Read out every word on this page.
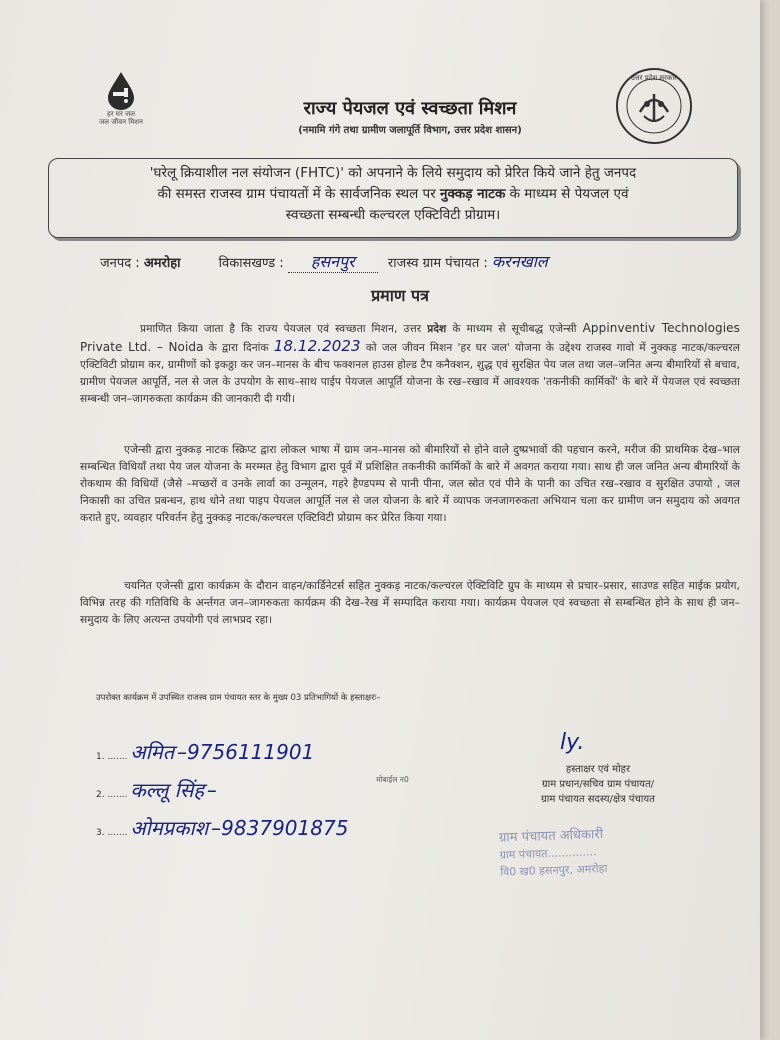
हर घर जल
जल जीवन मिशन
उत्तर प्रदेश सरकार
राज्य पेयजल एवं स्वच्छता मिशन
(नमामि गंगे तथा ग्रामीण जलापूर्ति विभाग, उत्तर प्रदेश शासन)
'घरेलू क्रियाशील नल संयोजन (FHTC)' को अपनाने के लिये समुदाय को प्रेरित किये जाने हेतु जनपद
की समस्त राजस्व ग्राम पंचायतों में के सार्वजनिक स्थल पर नुक्कड़ नाटक के माध्यम से पेयजल एवं
स्वच्छता सम्बन्धी कल्चरल एक्टिविटी प्रोग्राम।
जनपद : अमरोहा	विकासखण्ड : हसनपुर	राजस्व ग्राम पंचायत : करनखाल
प्रमाण पत्र
प्रमाणित किया जाता है कि राज्य पेयजल एवं स्वच्छता मिशन, उत्तर प्रदेश के माध्यम से सूचीबद्ध एजेन्सी Appinventiv Technologies Private Ltd. – Noida के द्वारा दिनांक 18.12.2023 को जल जीवन मिशन 'हर घर जल' योजना के उद्देश्य राजस्व गावो में नुक्कड़ नाटक/कल्चरल एक्टिविटी प्रोग्राम कर, ग्रामीणों को इकठ्ठा कर जन–मानस के बीच फक्शनल हाउस होल्ड टैप कनैक्शन, शुद्ध एवं सुरक्षित पेय जल तथा जल–जनित अन्य बीमारियों से बचाव, ग्रामीण पेयजल आपूर्ति, नल से जल के उपयोग के साथ–साथ पाईप पेयजल आपूर्ति योजना के रख–रखाव में आवश्यक 'तकनीकी कार्मिकों' के बारे में पेयजल एवं स्वच्छता सम्बन्धी जन–जागरुकता कार्यक्रम की जानकारी दी गयी।
एजेन्सी द्वारा नुक्कड़ नाटक स्क्रिप्ट द्वारा लोकल भाषा में ग्राम जन–मानस को बीमारियों से होने वाले दुष्प्रभावों की पहचान करने, मरीज की प्राथमिक देख–भाल सम्बन्धित विधियाँ तथा पेय जल योजना के मरम्मत हेतु विभाग द्वारा पूर्व में प्रशिक्षित तकनीकी कार्मिकों के बारे में अवगत कराया गया। साथ ही जल जनित अन्य बीमारियों के रोकथाम की विधियों (जैसे –मच्छरों व उनके लार्वा का उन्मूलन, गहरे हैण्डपम्प से पानी पीना, जल स्रोत एवं पीने के पानी का उचित रख–रखाव व सुरक्षित उपायो , जल निकासी का उचित प्रबन्धन, हाथ धोने तथा पाइप पेयजल आपूर्ति नल से जल योजना के बारे में व्यापक जनजागरुकता अभियान चला कर ग्रामीण जन समुदाय को अवगत कराते हुए, व्यवहार परिवर्तन हेतु नुक्कड़ नाटक/कल्चरल एक्टिविटी प्रोग्राम कर प्रेरित किया गया।
चयनित एजेन्सी द्वारा कार्यक्रम के दौरान वाहन/कार्डिनेटर्स सहित नुक्कड़ नाटक/कल्चरल ऐक्टिविटि ग्रुप के माध्यम से प्रचार–प्रसार, साउण्ड सहित माईक प्रयोग, विभिन्न तरह की गतिविधि के अर्न्तगत जन–जागरुकता कार्यक्रम की देख–रेख में सम्पादित कराया गया। कार्यक्रम पेयजल एवं स्वच्छता से सम्बन्धित होने के साथ ही जन–समुदाय के लिए अत्यन्त उपयोगी एवं लाभप्रद रहा।
उपरोक्त कार्यक्रम में उपस्थित राजस्व ग्राम पंचायत स्तर के मुख्य 03 प्रतिभागियों के हस्ताक्षरः–
1. ....... अमित –9756111901
2. ....... कल्लू सिंह –	मोबाईल न0
3. ....... ओमप्रकाश –9837901875
ly.
हस्ताक्षर एवं मोहर
ग्राम प्रधान/सचिव ग्राम पंचायत/
ग्राम पंचायत सदस्य/क्षेत्र पंचायत
ग्राम पंचायत अधिकारी
ग्राम पंचायत..............
वि0 ख0 हसनपुर, अमरोहा
